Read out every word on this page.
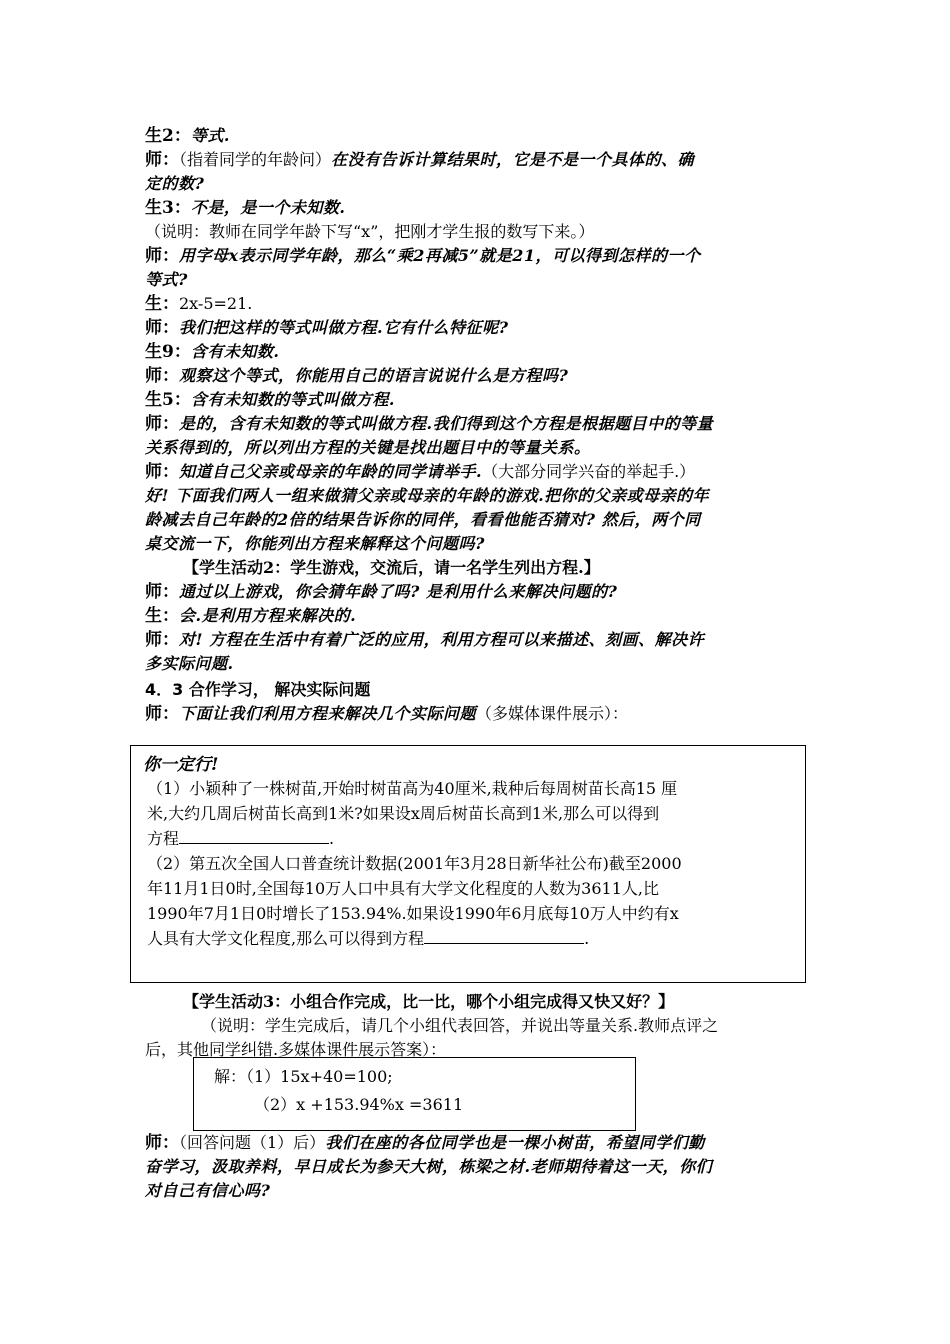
生2：等式.
师：（指着同学的年龄问）在没有告诉计算结果时，它是不是一个具体的、确
定的数?
生3：不是，是一个未知数.
（说明：教师在同学年龄下写“x”，把刚才学生报的数写下来。）
师：用字母x表示同学年龄，那么“乘2再减5”就是21，可以得到怎样的一个
等式?
生：2x-5=21.
师：我们把这样的等式叫做方程.它有什么特征呢?
生9：含有未知数.
师：观察这个等式，你能用自己的语言说说什么是方程吗?
生5：含有未知数的等式叫做方程.
师：是的，含有未知数的等式叫做方程.我们得到这个方程是根据题目中的等量
关系得到的，所以列出方程的关键是找出题目中的等量关系。
师：知道自己父亲或母亲的年龄的同学请举手.（大部分同学兴奋的举起手.）
好! 下面我们两人一组来做猜父亲或母亲的年龄的游戏.把你的父亲或母亲的年
龄减去自己年龄的2倍的结果告诉你的同伴，看看他能否猜对? 然后，两个同
桌交流一下，你能列出方程来解释这个问题吗?
【学生活动2：学生游戏，交流后，请一名学生列出方程.】
师：通过以上游戏，你会猜年龄了吗? 是利用什么来解决问题的?
生：会.是利用方程来解决的.
师：对! 方程在生活中有着广泛的应用，利用方程可以来描述、刻画、解决许
多实际问题.
4．3 合作学习， 解决实际问题
师：下面让我们利用方程来解决几个实际问题（多媒体课件展示）：
你一定行!
（1）小颖种了一株树苗,开始时树苗高为40厘米,栽种后每周树苗长高15 厘
米,大约几周后树苗长高到1米?如果设x周后树苗长高到1米,那么可以得到
方程	.
（2）第五次全国人口普查统计数据(2001年3月28日新华社公布)截至2000
年11月1日0时,全国每10万人口中具有大学文化程度的人数为3611人,比
1990年7月1日0时增长了153.94%.如果设1990年6月底每10万人中约有x
人具有大学文化程度,那么可以得到方程	.
【学生活动3：小组合作完成，比一比，哪个小组完成得又快又好？】
（说明：学生完成后，请几个小组代表回答，并说出等量关系.教师点评之
后，其他同学纠错.多媒体课件展示答案）：
解：（1）15x+40=100;
（2）x +153.94%x =3611
师：（回答问题（1）后）我们在座的各位同学也是一棵小树苗，希望同学们勤
奋学习，汲取养料，早日成长为参天大树，栋梁之材.老师期待着这一天，你们
对自己有信心吗?
